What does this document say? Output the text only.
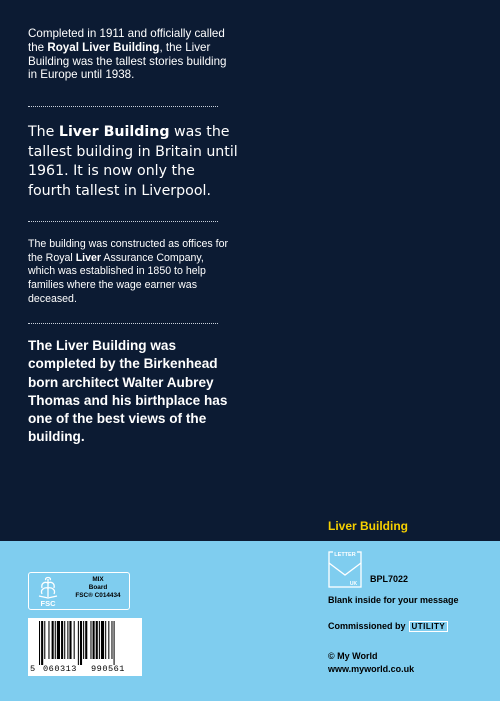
Completed in 1911 and officially called the Royal Liver Building, the Liver Building was the tallest stories building in Europe until 1938.

The Liver Building was the tallest building in Britain until 1961. It is now only the fourth tallest in Liverpool.

The building was constructed as offices for the Royal Liver Assurance Company, which was established in 1850 to help families where the wage earner was deceased.

The Liver Building was completed by the Birkenhead born architect Walter Aubrey Thomas and his birthplace has one of the best views of the building.

Liver Building
FSC
MIX
Board
FSC® C014434
5 060313 990561
LETTER
UK BPL7022
Blank inside for your message
Commissioned by UTILITY
© My World
www.myworld.co.uk
